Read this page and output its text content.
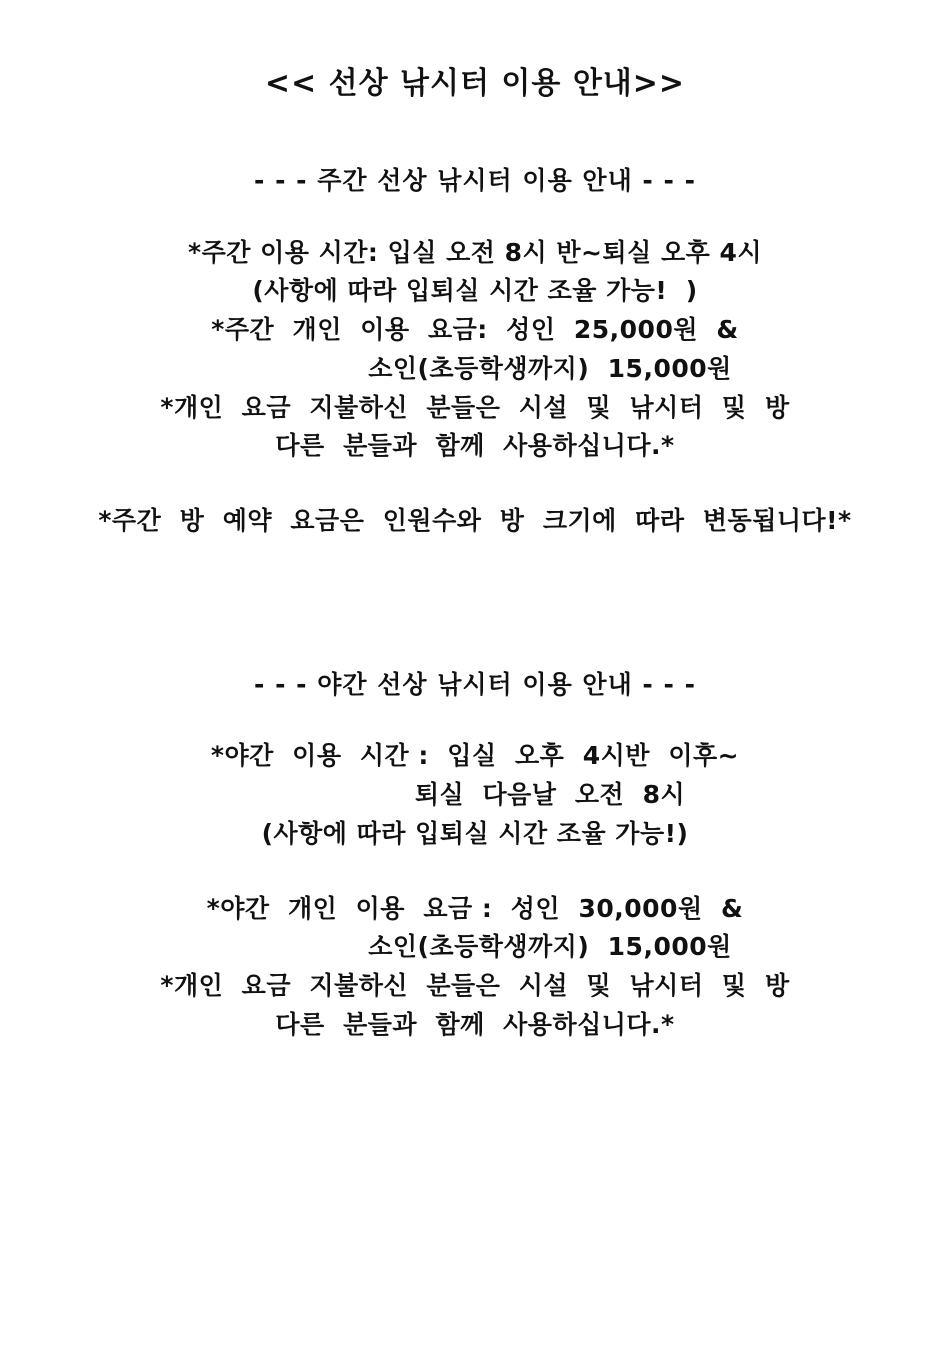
<< 선상 낚시터 이용 안내>>
- - - 주간 선상 낚시터 이용 안내 - - -
*주간 이용 시간: 입실 오전 8시 반~퇴실 오후 4시
(사항에 따라 입퇴실 시간 조율 가능!  )
*주간  개인  이용  요금:  성인  25,000원  &
소인(초등학생까지)  15,000원
*개인  요금  지불하신  분들은  시설  및  낚시터  및  방
다른  분들과  함께  사용하십니다.*
*주간  방  예약  요금은  인원수와  방  크기에  따라  변동됩니다!*
- - - 야간 선상 낚시터 이용 안내 - - -
*야간  이용  시간 :  입실  오후  4시반  이후~
퇴실  다음날  오전  8시
(사항에 따라 입퇴실 시간 조율 가능!)
*야간  개인  이용  요금 :  성인  30,000원  &
소인(초등학생까지)  15,000원
*개인  요금  지불하신  분들은  시설  및  낚시터  및  방
다른  분들과  함께  사용하십니다.*
